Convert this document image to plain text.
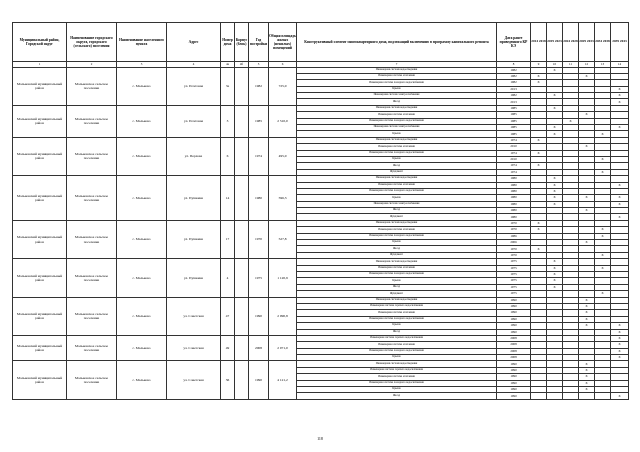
Муниципальный район, Городской округ	Наименование городского округа, городского (сельского) поселения	Наименование населенного пункта	Адрес	Номер дома	Корпус (блок)	Год постройки	Общая площадь жилых (нежилых) помещений	Конструктивный элемент многоквартирного дома, подлежащий включению в программу капитального ремонта	Дата ранее проведенного КР КЭ	2014 2018	2019 2023	2024 2028	2029 2033	2034 2038	2039 2043
1	2	3	4	4а	4б	5	6	7	8	9	10	11	12	13	14
Мальковский муниципальный район	Мальковское сельское поселение	с. Мальково	ул. Почтовая	3а		1982	725,0	Инженерная система водоотведения	1982		X				
								Инженерная система отопления	1982	X			X		
								Инженерная система холодного водоснабжения	1982	X					
								Крыша	2013						X
								Инженерная система электроснабжения	1982		X				X
								Фасад	2013						X
Мальковский муниципальный район	Мальковское сельское поселение	с. Мальково	ул. Почтовая	3		1985	2 510,0	Инженерная система водоотведения	1985		X				
								Инженерная система отопления	1985				X		
								Инженерная система холодного водоснабжения	1985			X			
								Инженерная система электроснабжения	1985		X				X
								Крыша	1985		X			X	
Мальковский муниципальный район	Мальковское сельское поселение	с. Мальково	ул. Перхова	6		1974	495,0	Инженерная система водоотведения	1974	X					
								Инженерная система отопления	2010				X		
								Инженерная система холодного водоснабжения	1974	X					
								Крыша	2010					X	
								Фасад	1974	X					
								Фундамент	1974					X	
Мальковский муниципальный район	Мальковское сельское поселение	с. Мальково	ул. Пушкина	14		1980	596,3	Инженерная система водоотведения	1980		X				
								Инженерная система отопления	1980		X				X
								Инженерная система холодного водоснабжения	1980		X				
								Крыша	1980		X		X		X
								Инженерная система электроснабжения	1980		X				X
								Фасад	1980				X		
								Фундамент	1980						X
Мальковский муниципальный район	Мальковское сельское поселение	с. Мальково	ул. Пушкина	17		1970	527,8	Инженерная система водоотведения	1970	X					
								Инженерная система отопления	1970	X				X	
								Инженерная система холодного водоснабжения	1986					X	
								Крыша	2006				X		
								Фасад	1970	X					
								Фундамент	1970					X	
Мальковский муниципальный район	Мальковское сельское поселение	с. Мальково	ул. Пушкина	4		1975	1 120,9	Инженерная система водоотведения	1975		X				
								Инженерная система отопления	1975		X			X	
								Инженерная система холодного водоснабжения	1975		X				
								Крыша	1975		X				
								Фасад	1975		X				
								Фундамент	1975					X	
Мальковский муниципальный район	Мальковское сельское поселение	с. Мальково	ул. Советская	47		1990	2 090,8	Инженерная система водоотведения	1990				X		
								Инженерная система горячего водоснабжения	1990				X		
								Инженерная система отопления	1990				X		
								Инженерная система холодного водоснабжения	1990				X		
								Крыша	1990				X		X
								Фасад	1990						X
Мальковский муниципальный район	Мальковское сельское поселение	с. Мальково	ул. Советская	49		2008	2 071,0	Инженерная система горячего водоснабжения	2008						X
								Инженерная система отопления	2008						X
								Инженерная система холодного водоснабжения	2008						X
								Крыша	2008						X
Мальковский муниципальный район	Мальковское сельское поселение	с. Мальково	ул. Советская	36		1990	4 121,2	Инженерная система водоотведения	1990				X		
								Инженерная система горячего водоснабжения	1990				X		
								Инженерная система отопления	1990				X		
								Инженерная система холодного водоснабжения	1990				X		
								Крыша	1990				X		
								Фасад	1990						X
118
